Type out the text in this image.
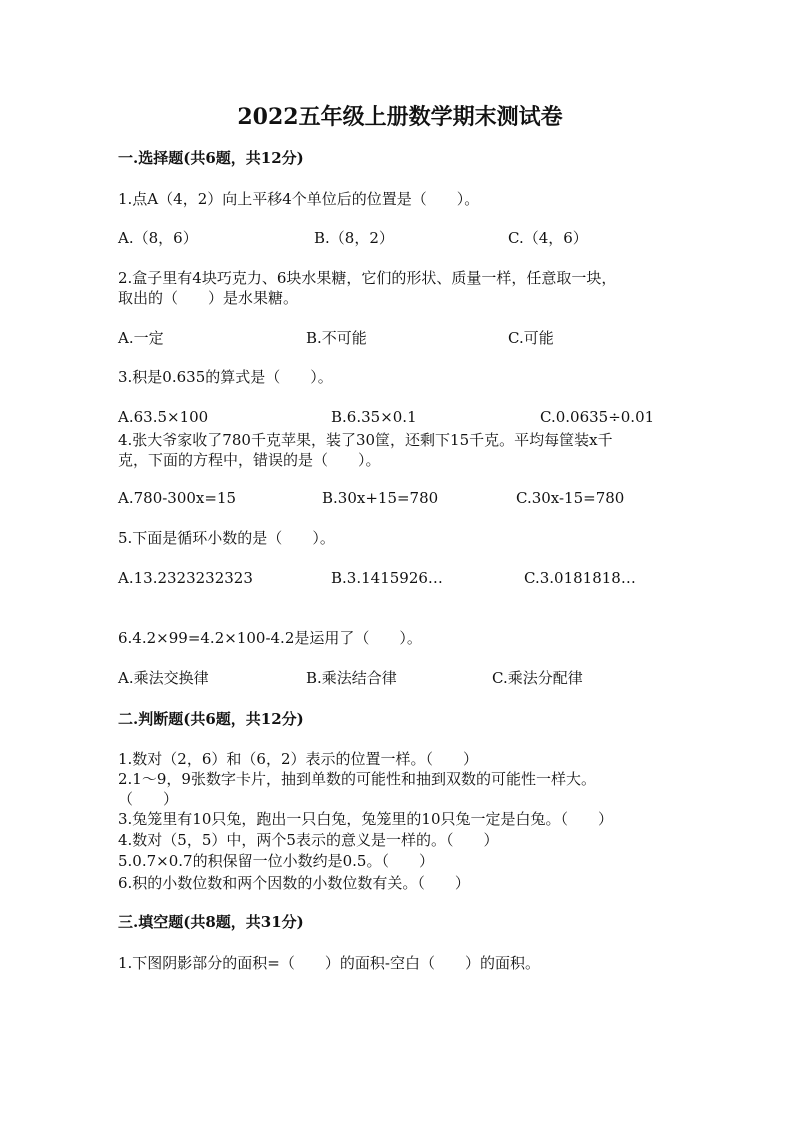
2022五年级上册数学期末测试卷
一.选择题(共6题，共12分)
1.点A（4，2）向上平移4个单位后的位置是（　　）。
A.（8，6）	B.（8，2）	C.（4，6）
2.盒子里有4块巧克力、6块水果糖，它们的形状、质量一样，任意取一块，
取出的（　　）是水果糖。
A.一定	B.不可能	C.可能
3.积是0.635的算式是（　　）。
A.63.5×100	B.6.35×0.1	C.0.0635÷0.01
4.张大爷家收了780千克苹果，装了30筐，还剩下15千克。平均每筐装x千
克，下面的方程中，错误的是（　　）。
A.780-300x=15	B.30x+15=780	C.30x-15=780
5.下面是循环小数的是（　　）。
A.13.2323232323	B.3.1415926…	C.3.0181818…
6.4.2×99=4.2×100-4.2是运用了（　　）。
A.乘法交换律	B.乘法结合律	C.乘法分配律
二.判断题(共6题，共12分)
1.数对（2，6）和（6，2）表示的位置一样。（　　）
2.1～9，9张数字卡片，抽到单数的可能性和抽到双数的可能性一样大。
（　　）
3.兔笼里有10只兔，跑出一只白兔，兔笼里的10只兔一定是白兔。（　　）
4.数对（5，5）中，两个5表示的意义是一样的。（　　）
5.0.7×0.7的积保留一位小数约是0.5。（　　）
6.积的小数位数和两个因数的小数位数有关。（　　）
三.填空题(共8题，共31分)
1.下图阴影部分的面积=（　　）的面积-空白（　　）的面积。
